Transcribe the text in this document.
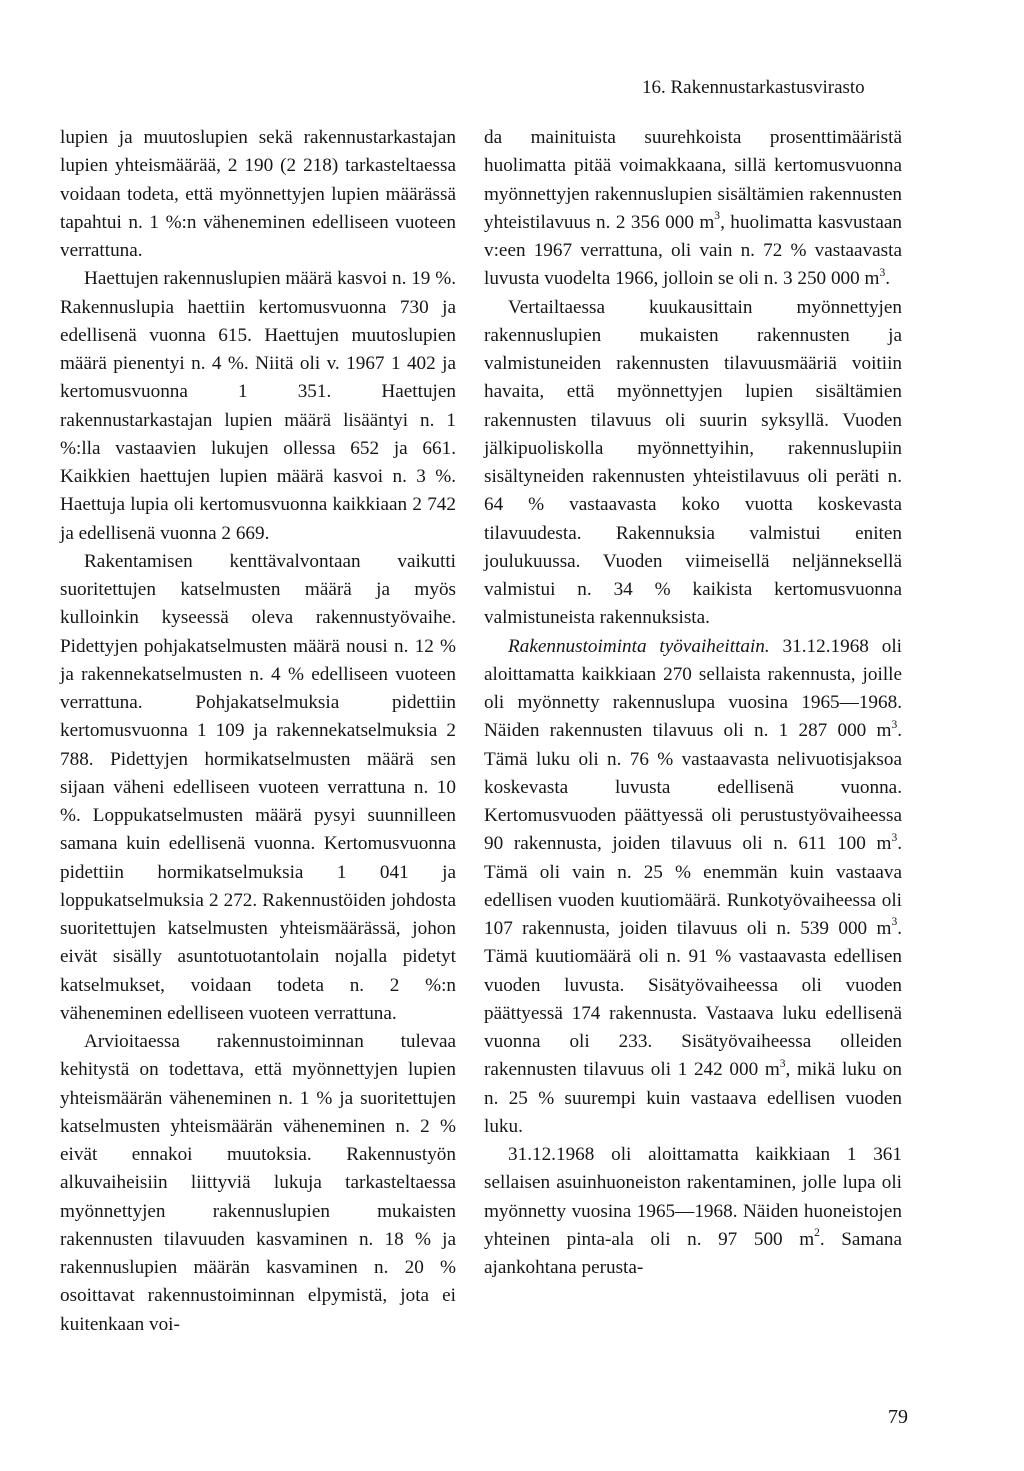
16. Rakennustarkastusvirasto

lupien ja muutoslupien sekä rakennustarkastajan lupien yhteismäärää, 2 190 (2 218) tarkasteltaessa voidaan todeta, että myönnettyjen lupien määrässä tapahtui n. 1 %:n väheneminen edelliseen vuoteen verrattuna.

Haettujen rakennuslupien määrä kasvoi n. 19 %. Rakennuslupia haettiin kertomusvuonna 730 ja edellisenä vuonna 615. Haettujen muutoslupien määrä pienentyi n. 4 %. Niitä oli v. 1967 1 402 ja kertomusvuonna 1 351. Haettujen rakennustarkastajan lupien määrä lisääntyi n. 1 %:lla vastaavien lukujen ollessa 652 ja 661. Kaikkien haettujen lupien määrä kasvoi n. 3 %. Haettuja lupia oli kertomusvuonna kaikkiaan 2 742 ja edellisenä vuonna 2 669.

Rakentamisen kenttävalvontaan vaikutti suoritettujen katselmusten määrä ja myös kulloinkin kyseessä oleva rakennustyövaihe. Pidettyjen pohjakatselmusten määrä nousi n. 12 % ja rakennekatselmusten n. 4 % edelliseen vuoteen verrattuna. Pohjakatselmuksia pidettiin kertomusvuonna 1 109 ja rakennekatselmuksia 2 788. Pidettyjen hormikatselmusten määrä sen sijaan väheni edelliseen vuoteen verrattuna n. 10 %. Loppukatselmusten määrä pysyi suunnilleen samana kuin edellisenä vuonna. Kertomusvuonna pidettiin hormikatselmuksia 1 041 ja loppukatselmuksia 2 272. Rakennustöiden johdosta suoritettujen katselmusten yhteismäärässä, johon eivät sisälly asuntotuotantolain nojalla pidetyt katselmukset, voidaan todeta n. 2 %:n väheneminen edelliseen vuoteen verrattuna.

Arvioitaessa rakennustoiminnan tulevaa kehitystä on todettava, että myönnettyjen lupien yhteismäärän väheneminen n. 1 % ja suoritettujen katselmusten yhteismäärän väheneminen n. 2 % eivät ennakoi muutoksia. Rakennustyön alkuvaiheisiin liittyviä lukuja tarkasteltaessa myönnettyjen rakennuslupien mukaisten rakennusten tilavuuden kasvaminen n. 18 % ja rakennuslupien määrän kasvaminen n. 20 % osoittavat rakennustoiminnan elpymistä, jota ei kuitenkaan voi-

da mainituista suurehkoista prosenttimääristä huolimatta pitää voimakkaana, sillä kertomusvuonna myönnettyjen rakennuslupien sisältämien rakennusten yhteistilavuus n. 2 356 000 $m^3$, huolimatta kasvustaan v:een 1967 verrattuna, oli vain n. 72 % vastaavasta luvusta vuodelta 1966, jolloin se oli n. 3 250 000 $m^3$.

Vertailtaessa kuukausittain myönnettyjen rakennuslupien mukaisten rakennusten ja valmistuneiden rakennusten tilavuusmääriä voitiin havaita, että myönnettyjen lupien sisältämien rakennusten tilavuus oli suurin syksyllä. Vuoden jälkipuoliskolla myönnettyihin, rakennuslupiin sisältyneiden rakennusten yhteistilavuus oli peräti n. 64 % vastaavasta koko vuotta koskevasta tilavuudesta. Rakennuksia valmistui eniten joulukuussa. Vuoden viimeisellä neljänneksellä valmistui n. 34 % kaikista kertomusvuonna valmistuneista rakennuksista.

Rakennustoiminta työvaiheittain. 31.12.1968 oli aloittamatta kaikkiaan 270 sellaista rakennusta, joille oli myönnetty rakennuslupa vuosina 1965—1968. Näiden rakennusten tilavuus oli n. 1 287 000 $m^3$. Tämä luku oli n. 76 % vastaavasta nelivuotisjaksoa koskevasta luvusta edellisenä vuonna. Kertomusvuoden päättyessä oli perustustyövaiheessa 90 rakennusta, joiden tilavuus oli n. 611 100 $m^3$. Tämä oli vain n. 25 % enemmän kuin vastaava edellisen vuoden kuutiomäärä. Runkotyövaiheessa oli 107 rakennusta, joiden tilavuus oli n. 539 000 $m^3$. Tämä kuutiomäärä oli n. 91 % vastaavasta edellisen vuoden luvusta. Sisätyövaiheessa oli vuoden päättyessä 174 rakennusta. Vastaava luku edellisenä vuonna oli 233. Sisätyövaiheessa olleiden rakennusten tilavuus oli 1 242 000 $m^3$, mikä luku on n. 25 % suurempi kuin vastaava edellisen vuoden luku.

31.12.1968 oli aloittamatta kaikkiaan 1 361 sellaisen asuinhuoneiston rakentaminen, jolle lupa oli myönnetty vuosina 1965—1968. Näiden huoneistojen yhteinen pinta-ala oli n. 97 500 $m^2$. Samana ajankohtana perusta-

79
